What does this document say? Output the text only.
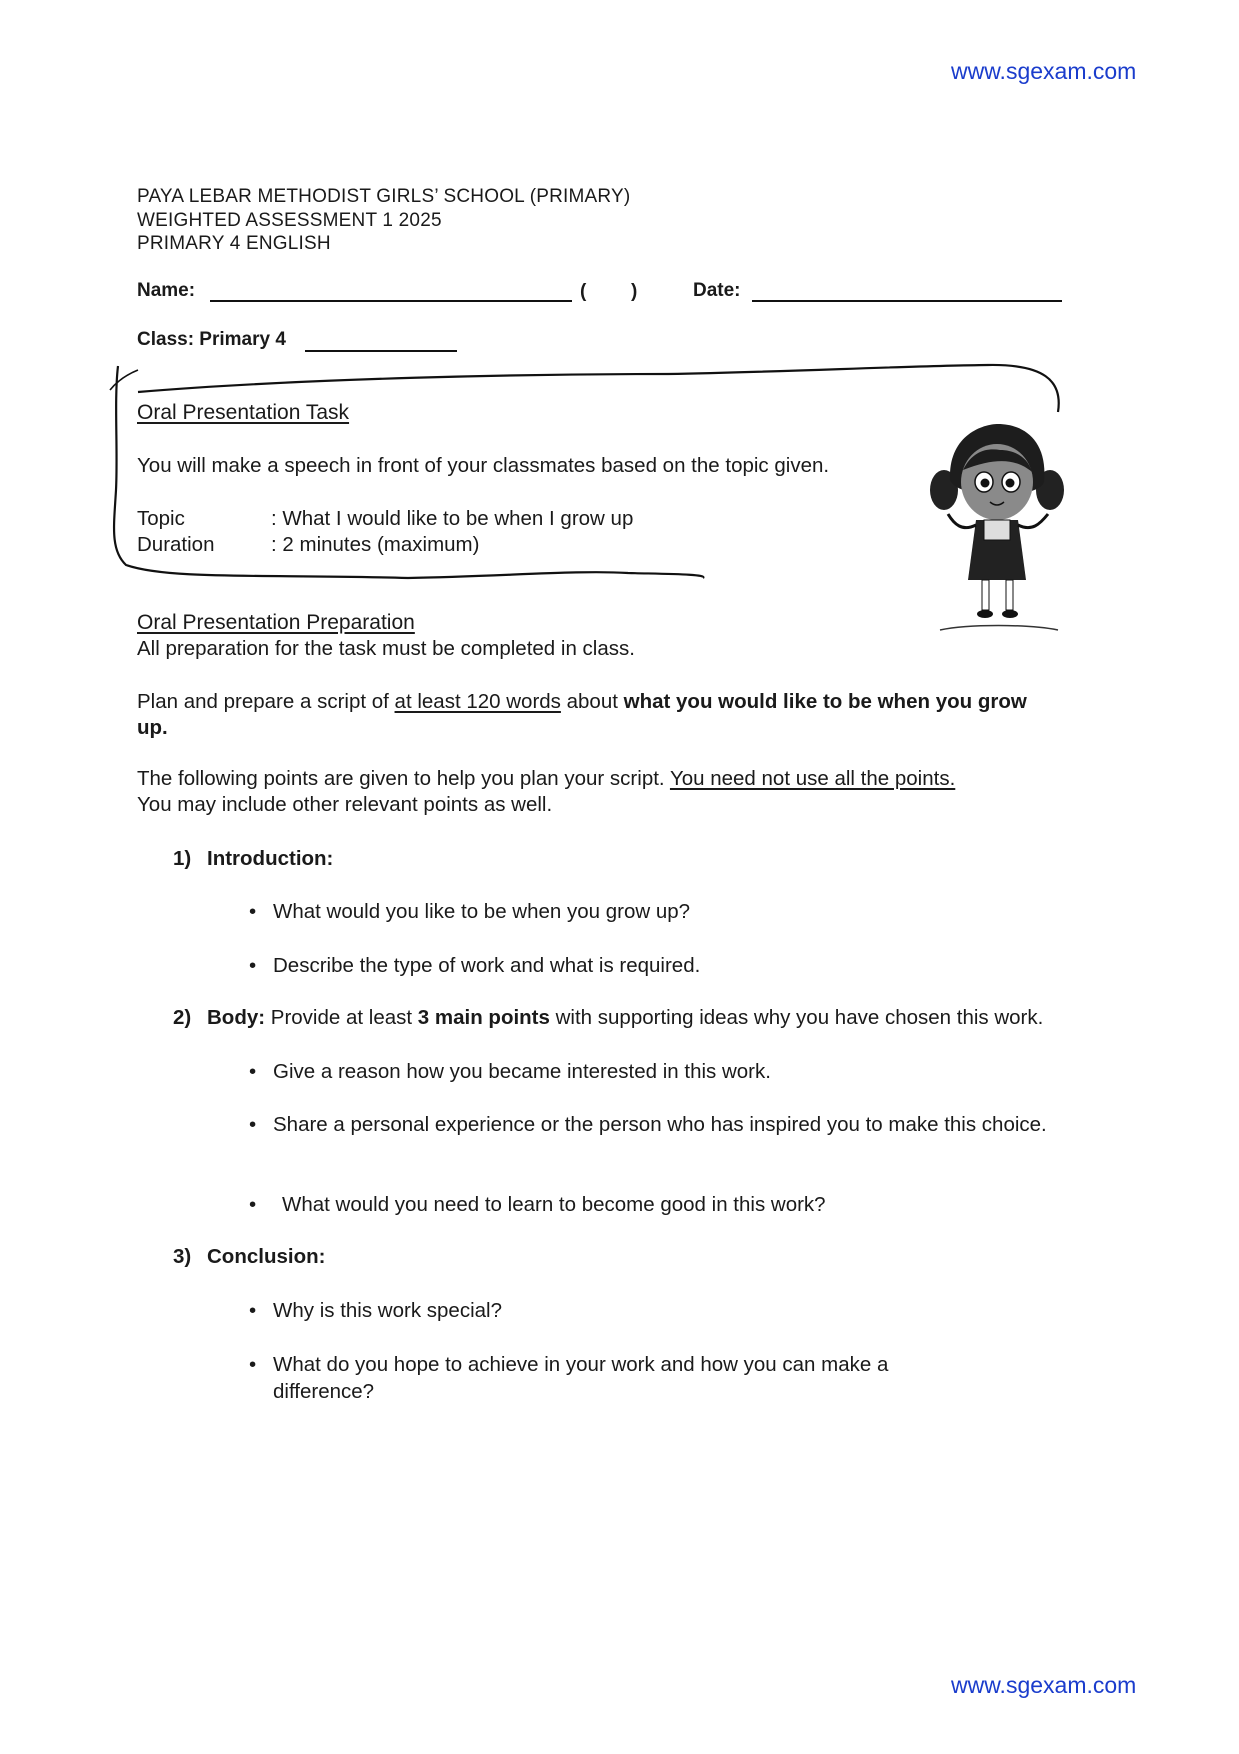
www.sgexam.com
PAYA LEBAR METHODIST GIRLS’ SCHOOL (PRIMARY)
WEIGHTED ASSESSMENT 1 2025
PRIMARY 4 ENGLISH
Name:	( )	Date:
Class: Primary 4
Oral Presentation Task
You will make a speech in front of your classmates based on the topic given.
Topic	: What I would like to be when I grow up
Duration	: 2 minutes (maximum)
Oral Presentation Preparation
All preparation for the task must be completed in class.
Plan and prepare a script of at least 120 words about what you would like to be when you grow up.
The following points are given to help you plan your script. You need not use all the points.
You may include other relevant points as well.
1) Introduction:
• What would you like to be when you grow up?
• Describe the type of work and what is required.
2) Body: Provide at least 3 main points with supporting ideas why you have chosen this work.
• Give a reason how you became interested in this work.
• Share a personal experience or the person who has inspired you to make this choice.
• What would you need to learn to become good in this work?
3) Conclusion:
• Why is this work special?
• What do you hope to achieve in your work and how you can make a difference?
www.sgexam.com
